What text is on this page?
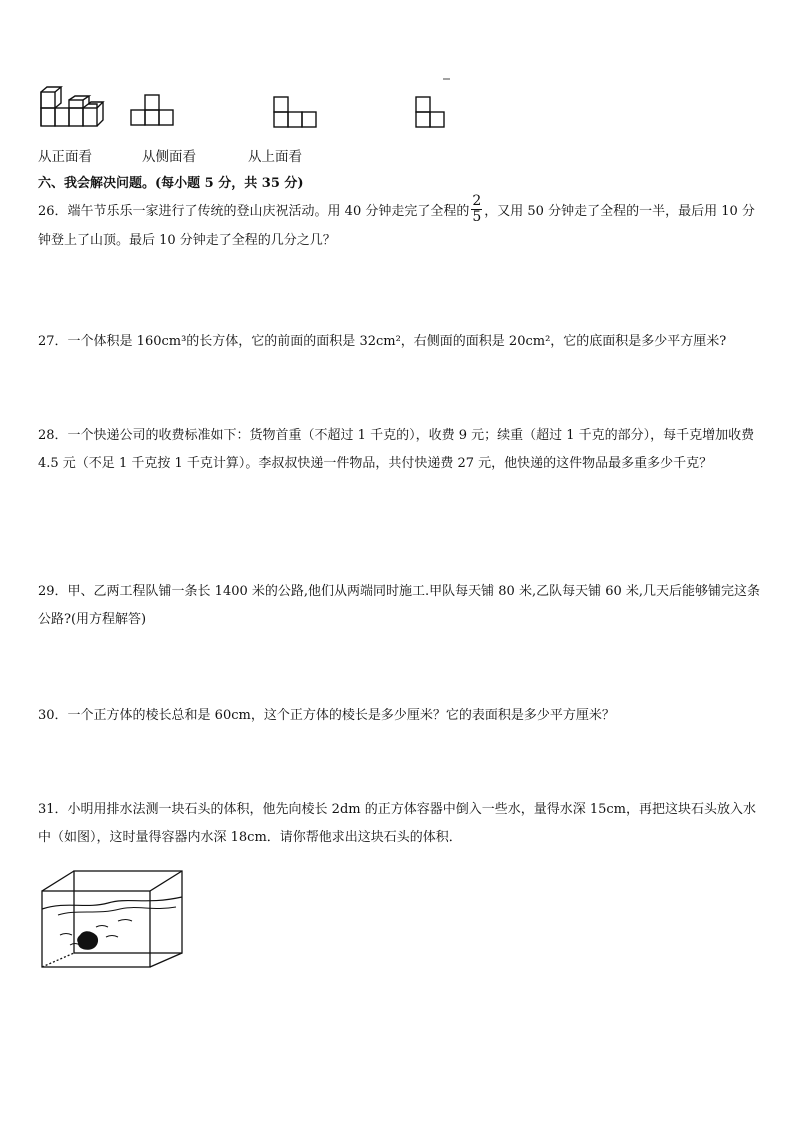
从正面看	从侧面看	从上面看
六、我会解决问题。(每小题 5 分，共 35 分)
26．端午节乐乐一家进行了传统的登山庆祝活动。用 40 分钟走完了全程的 $\frac{2}{5}$ ，又用 50 分钟走了全程的一半，最后用 10 分钟登上了山顶。最后 10 分钟走了全程的几分之几？
27．一个体积是 160cm³的长方体，它的前面的面积是 32cm²，右侧面的面积是 20cm²，它的底面积是多少平方厘米?
28．一个快递公司的收费标准如下：货物首重（不超过 1 千克的），收费 9 元；续重（超过 1 千克的部分），每千克增加收费 4.5 元（不足 1 千克按 1 千克计算）。李叔叔快递一件物品，共付快递费 27 元，他快递的这件物品最多重多少千克？
29．甲、乙两工程队铺一条长 1400 米的公路,他们从两端同时施工.甲队每天铺 80 米,乙队每天铺 60 米,几天后能够铺完这条公路?(用方程解答)
30．一个正方体的棱长总和是 60cm，这个正方体的棱长是多少厘米？它的表面积是多少平方厘米？
31．小明用排水法测一块石头的体积，他先向棱长 2dm 的正方体容器中倒入一些水，量得水深 15cm，再把这块石头放入水中（如图），这时量得容器内水深 18cm．请你帮他求出这块石头的体积．
